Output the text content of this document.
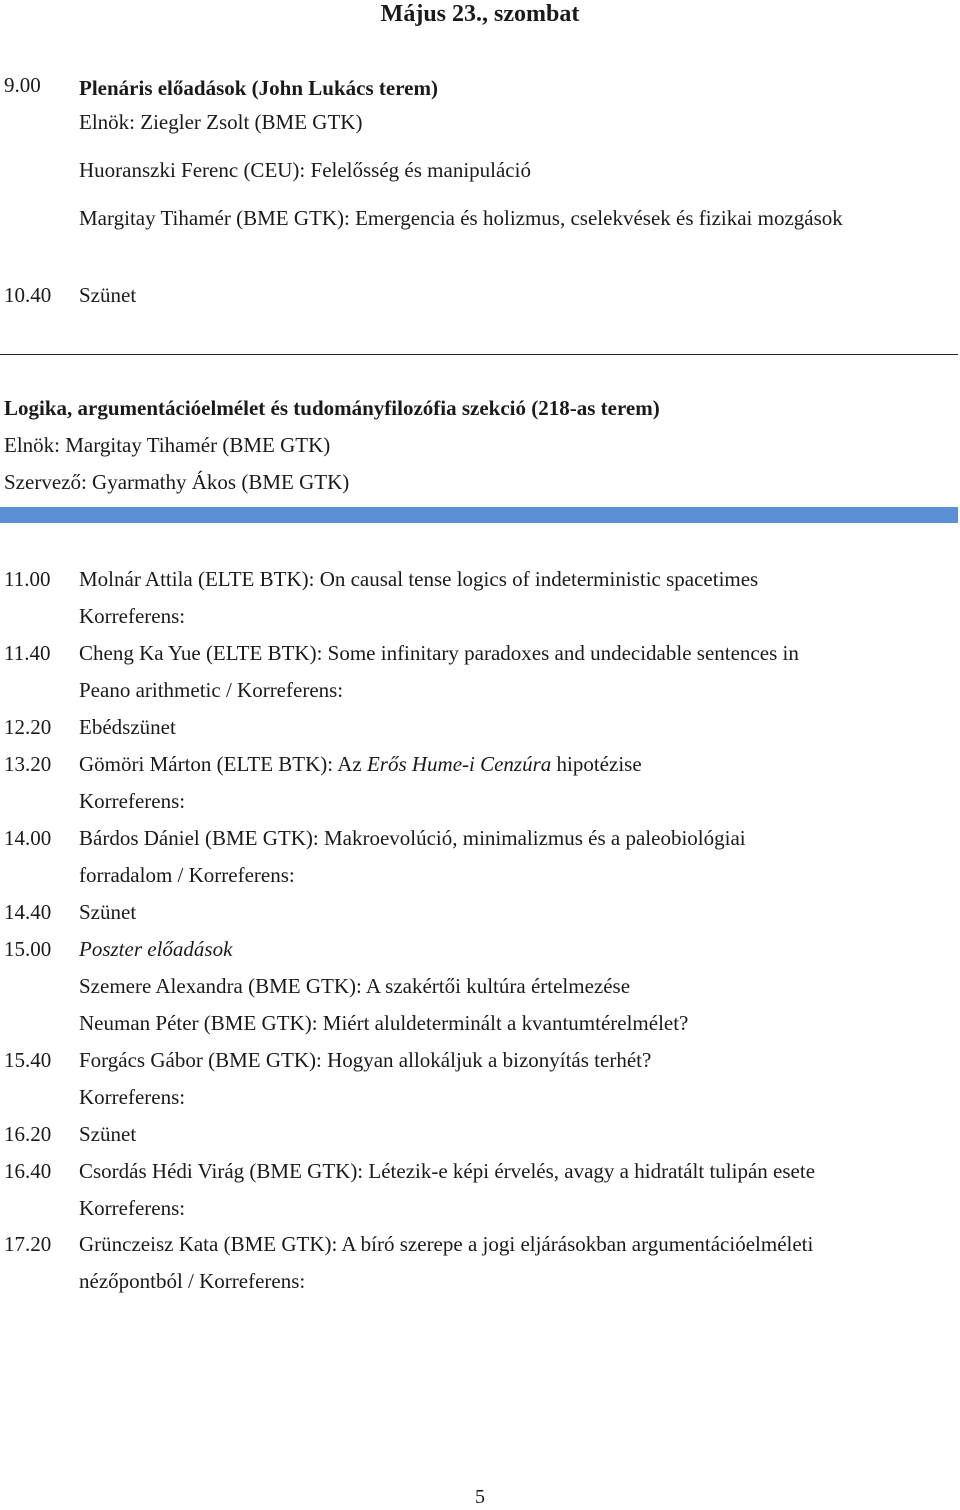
Május 23., szombat
9.00	Plenáris előadások (John Lukács terem)
Elnök: Ziegler Zsolt (BME GTK)
Huoranszki Ferenc (CEU): Felelősség és manipuláció
Margitay Tihamér (BME GTK): Emergencia és holizmus, cselekvések és fizikai mozgások
10.40	Szünet
Logika, argumentációelmélet és tudományfilozófia szekció (218-as terem)
Elnök: Margitay Tihamér (BME GTK)
Szervező: Gyarmathy Ákos (BME GTK)
11.00	Molnár Attila (ELTE BTK): On causal tense logics of indeterministic spacetimes
Korreferens:
11.40	Cheng Ka Yue (ELTE BTK): Some infinitary paradoxes and undecidable sentences in
Peano arithmetic / Korreferens:
12.20	Ebédszünet
13.20	Gömöri Márton (ELTE BTK): Az Erős Hume-i Cenzúra hipotézise
Korreferens:
14.00	Bárdos Dániel (BME GTK): Makroevolúció, minimalizmus és a paleobiológiai
forradalom / Korreferens:
14.40	Szünet
15.00	Poszter előadások
Szemere Alexandra (BME GTK): A szakértői kultúra értelmezése
Neuman Péter (BME GTK): Miért aluldeterminált a kvantumtérelmélet?
15.40	Forgács Gábor (BME GTK): Hogyan allokáljuk a bizonyítás terhét?
Korreferens:
16.20	Szünet
16.40	Csordás Hédi Virág (BME GTK): Létezik-e képi érvelés, avagy a hidratált tulipán esete
Korreferens:
17.20	Grünczeisz Kata (BME GTK): A bíró szerepe a jogi eljárásokban argumentációelméleti
nézőpontból / Korreferens:
5
